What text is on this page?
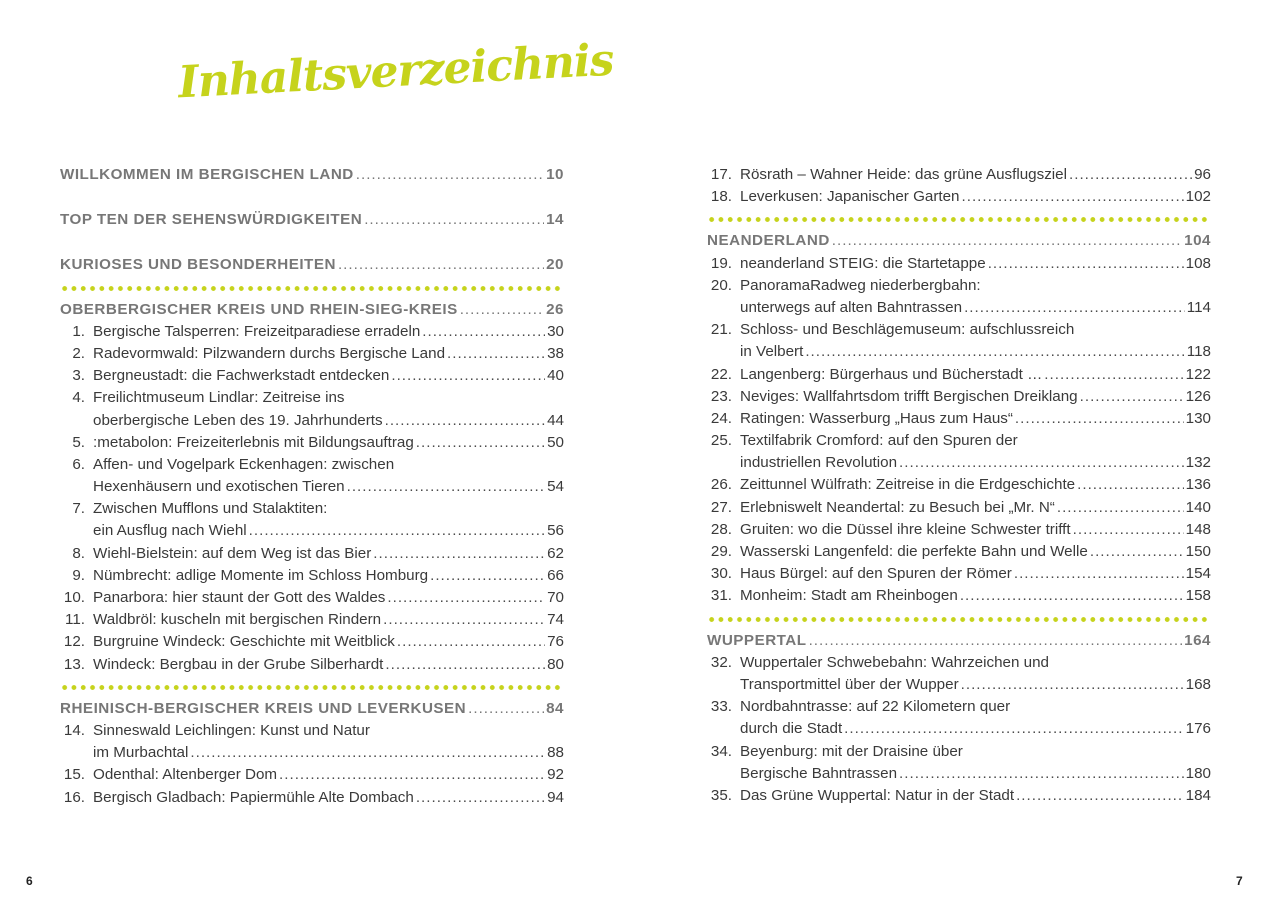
Inhaltsverzeichnis
WILLKOMMEN IM BERGISCHEN LAND .....	10
TOP TEN DER SEHENSWÜRDIGKEITEN .....	14
KURIOSES UND BESONDERHEITEN .....	20
OBERBERGISCHER KREIS UND RHEIN-SIEG-KREIS .....	26
1. Bergische Talsperren: Freizeitparadiese erradeln .....	30
2. Radevormwald: Pilzwandern durchs Bergische Land .....	38
3. Bergneustadt: die Fachwerkstadt entdecken .....	40
4. Freilichtmuseum Lindlar: Zeitreise ins
oberbergische Leben des 19. Jahrhunderts .....	44
5. :metabolon: Freizeiterlebnis mit Bildungsauftrag .....	50
6. Affen- und Vogelpark Eckenhagen: zwischen
Hexenhäusern und exotischen Tieren .....	54
7. Zwischen Mufflons und Stalaktiten:
ein Ausflug nach Wiehl .....	56
8. Wiehl-Bielstein: auf dem Weg ist das Bier .....	62
9. Nümbrecht: adlige Momente im Schloss Homburg .....	66
10. Panarbora: hier staunt der Gott des Waldes .....	70
11. Waldbröl: kuscheln mit bergischen Rindern .....	74
12. Burgruine Windeck: Geschichte mit Weitblick .....	76
13. Windeck: Bergbau in der Grube Silberhardt .....	80
RHEINISCH-BERGISCHER KREIS UND LEVERKUSEN .....	84
14. Sinneswald Leichlingen: Kunst und Natur
im Murbachtal .....	88
15. Odenthal: Altenberger Dom .....	92
16. Bergisch Gladbach: Papiermühle Alte Dombach .....	94
6
17. Rösrath – Wahner Heide: das grüne Ausflugsziel .....	96
18. Leverkusen: Japanischer Garten .....	102
NEANDERLAND .....	104
19. neanderland STEIG: die Startetappe .....	108
20. PanoramaRadweg niederbergbahn:
unterwegs auf alten Bahntrassen .....	114
21. Schloss- und Beschlägemuseum: aufschlussreich
in Velbert .....	118
22. Langenberg: Bürgerhaus und Bücherstadt … .....	122
23. Neviges: Wallfahrtsdom trifft Bergischen Dreiklang .....	126
24. Ratingen: Wasserburg „Haus zum Haus“ .....	130
25. Textilfabrik Cromford: auf den Spuren der
industriellen Revolution .....	132
26. Zeittunnel Wülfrath: Zeitreise in die Erdgeschichte .....	136
27. Erlebniswelt Neandertal: zu Besuch bei „Mr. N“ .....	140
28. Gruiten: wo die Düssel ihre kleine Schwester trifft .....	148
29. Wasserski Langenfeld: die perfekte Bahn und Welle .....	150
30. Haus Bürgel: auf den Spuren der Römer .....	154
31. Monheim: Stadt am Rheinbogen .....	158
WUPPERTAL .....	164
32. Wuppertaler Schwebebahn: Wahrzeichen und
Transportmittel über der Wupper .....	168
33. Nordbahntrasse: auf 22 Kilometern quer
durch die Stadt .....	176
34. Beyenburg: mit der Draisine über
Bergische Bahntrassen .....	180
35. Das Grüne Wuppertal: Natur in der Stadt .....	184
7
